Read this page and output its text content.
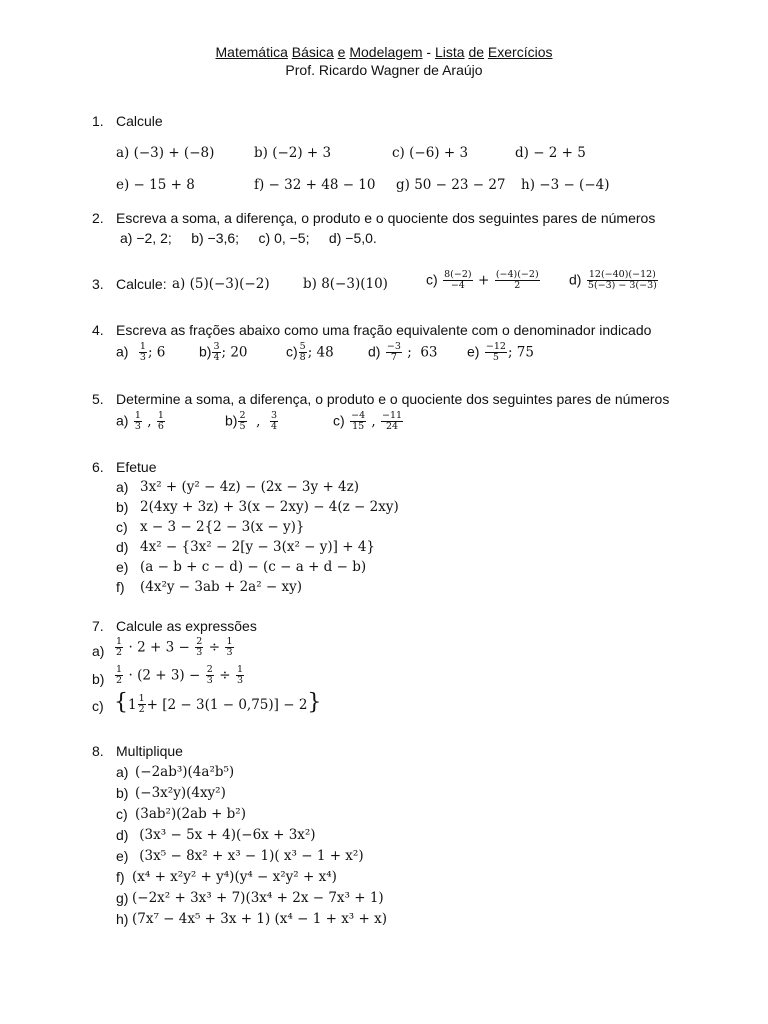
Matemática Básica e Modelagem - Lista de Exercícios
Prof. Ricardo Wagner de Araújo
1. Calcule
a) (−3) + (−8)	b) (−2) + 3	c) (−6) + 3	d) − 2 + 5
e) − 15 + 8	f) − 32 + 48 − 10 g) 50 − 23 − 27 h) −3 − (−4)
2. Escreva a soma, a diferença, o produto e o quociente dos seguintes pares de números
a) −2, 2;     b) −3,6;     c) 0, −5;     d) −5,0.
3. Calcule: a) (5)(−3)(−2) b) 8(−3)(10)	$c) \frac{8(-2)}{-4} + \frac{(-4)(-2)}{2} d) \frac{12(-40)(-12)}{5(-3) - 3(-3)}$
4. Escreva as frações abaixo como uma fração equivalente com o denominador indicado
$a) \frac{1}{3}$ ; 6 $b) \frac{3}{4}$ ; 20	$c) \frac{5}{8}$ ; 48 $d) \frac{-3}{7}$ ;  63 $e) \frac{-12}{5}$ ; 75
5. Determine a soma, a diferença, o produto e o quociente dos seguintes pares de números
$a) \frac{1}{3}$ , $\frac{1}{6}$	$b) \frac{2}{5}$ , $\frac{3}{4}$	$c) \frac{-4}{15}$ , $\frac{-11}{24}$
6. Efetue
a) 3x² + (y² − 4z) − (2x − 3y + 4z)
b) 2(4xy + 3z) + 3(x − 2xy) − 4(z − 2xy)
c) x − 3 − 2{2 − 3(x − y)}
d) 4x² − {3x² − 2[y − 3(x² − y)] + 4}
e) (a − b + c − d) − (c − a + d − b)
f) (4x²y − 3ab + 2a² − xy)
7. Calcule as expressões
$a) \frac{1}{2} \cdot 2 + 3 - \frac{2}{3} \div \frac{1}{3}$
$b) \frac{1}{2} \cdot (2 + 3) - \frac{2}{3} \div \frac{1}{3}$
c) $\{1 \frac{1}{2} + [2 - 3(1 - 0,75)] - 2\}$
8. Multiplique
a) (−2ab³)(4a²b⁵)
b) (−3x²y)(4xy²)
c) (3ab²)(2ab + b²)
d) (3x³ − 5x + 4)(−6x + 3x²)
e) (3x⁵ − 8x² + x³ − 1)( x³ − 1 + x²)
f) (x⁴ + x²y² + y⁴)(y⁴ − x²y² + x⁴)
g) (−2x² + 3x³ + 7)(3x⁴ + 2x − 7x³ + 1)
h) (7x⁷ − 4x⁵ + 3x + 1) (x⁴ − 1 + x³ + x)
